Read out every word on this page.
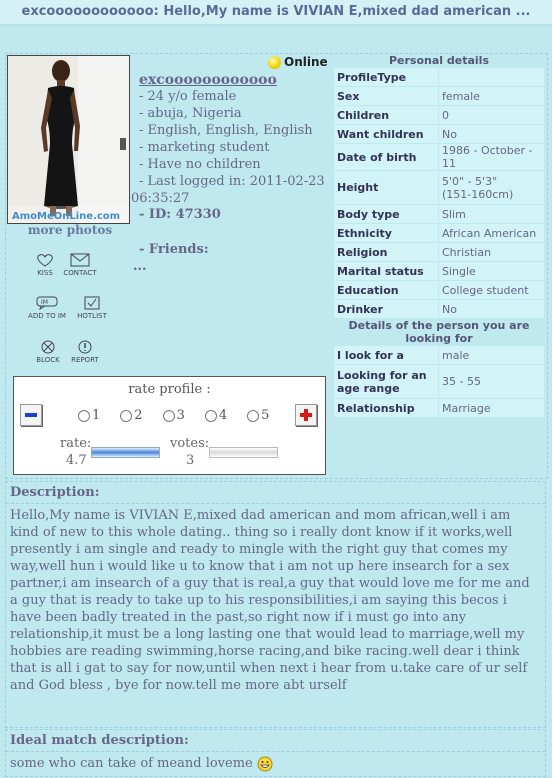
excoooooooooooo: Hello,My name is VIVIAN E,mixed dad american ...
AmoMeOnLine.com
more photos
KISS	CONTACT
IM
ADD TO IM	HOTLIST
BLOCK	REPORT
Online
excoooooooooooo
- 24 y/o female
- abuja, Nigeria
- English, English, English
- marketing student
- Have no children
- Last logged in: 2011-02-23
06:35:27
- ID: 47330
- Friends:
...
Personal details	
ProfileType	
Sex	female
Children	0
Want children	No
Date of birth	1986 - October - 11
Height	5'0" - 5'3"
(151-160cm)
Body type	Slim
Ethnicity	African American
Religion	Christian
Marital status	Single
Education	College student
Drinker	No
Details of the person you are looking for	
I look for a	male
Looking for an age range	35 - 55
Relationship	Marriage
rate profile :
1	2	3	4	5
rate:
4.7
votes:
3
Description:
Hello,My name is VIVIAN E,mixed dad american and mom african,well i am kind of new to this whole dating.. thing so i really dont know if it works,well presently i am single and ready to mingle with the right guy that comes my way,well hun i would like u to know that i am not up here insearch for a sex partner,i am insearch of a guy that is real,a guy that would love me for me and a guy that is ready to take up to his responsibilities,i am saying this becos i have been badly treated in the past,so right now if i must go into any relationship,it must be a long lasting one that would lead to marriage,well my hobbies are reading swimming,horse racing,and bike racing.well dear i think that is all i gat to say for now,until when next i hear from u.take care of ur self and God bless , bye for now.tell me more abt urself
Ideal match description:
some who can take of meand loveme
